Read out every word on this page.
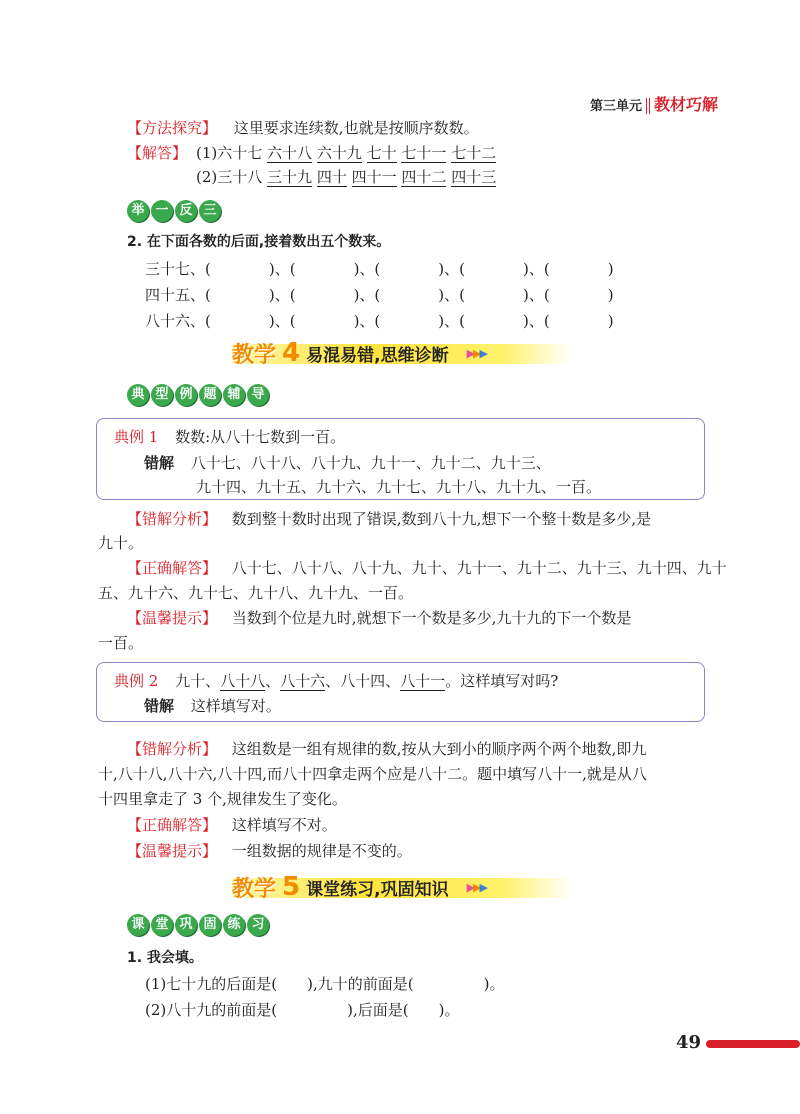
第三单元 教材巧解
【方法探究】 这里要求连续数,也就是按顺序数数。
【解答】 (1)六十七 六十八 六十九 七十 七十一 七十二
(2)三十八 三十九 四十 四十一 四十二 四十三
举 一 反 三
2. 在下面各数的后面,接着数出五个数来。
三十七、(	)、(	)、(	)、(	)、(	)
四十五、(	)、(	)、(	)、(	)、(	)
八十六、(	)、(	)、(	)、(	)、(	)
教学 4 易混易错,思维诊断 ▶▶▶
典 型 例 题 辅 导
典例 1 数数:从八十七数到一百。
错解 八十七、八十八、八十九、九十一、九十二、九十三、
九十四、九十五、九十六、九十七、九十八、九十九、一百。
【错解分析】 数到整十数时出现了错误,数到八十九,想下一个整十数是多少,是
九十。
【正确解答】 八十七、八十八、八十九、九十、九十一、九十二、九十三、九十四、九十
五、九十六、九十七、九十八、九十九、一百。
【温馨提示】 当数到个位是九时,就想下一个数是多少,九十九的下一个数是
一百。
典例 2 九十、八十八、八十六、八十四、八十一。这样填写对吗?
错解 这样填写对。
【错解分析】 这组数是一组有规律的数,按从大到小的顺序两个两个地数,即九
十,八十八,八十六,八十四,而八十四拿走两个应是八十二。题中填写八十一,就是从八
十四里拿走了 3 个,规律发生了变化。
【正确解答】 这样填写不对。
【温馨提示】 一组数据的规律是不变的。
教学 5 课堂练习,巩固知识 ▶▶▶
课 堂 巩 固 练 习
1. 我会填。
(1)七十九的后面是( ),九十的前面是(	)。
(2)八十九的前面是(	),后面是( )。
49
